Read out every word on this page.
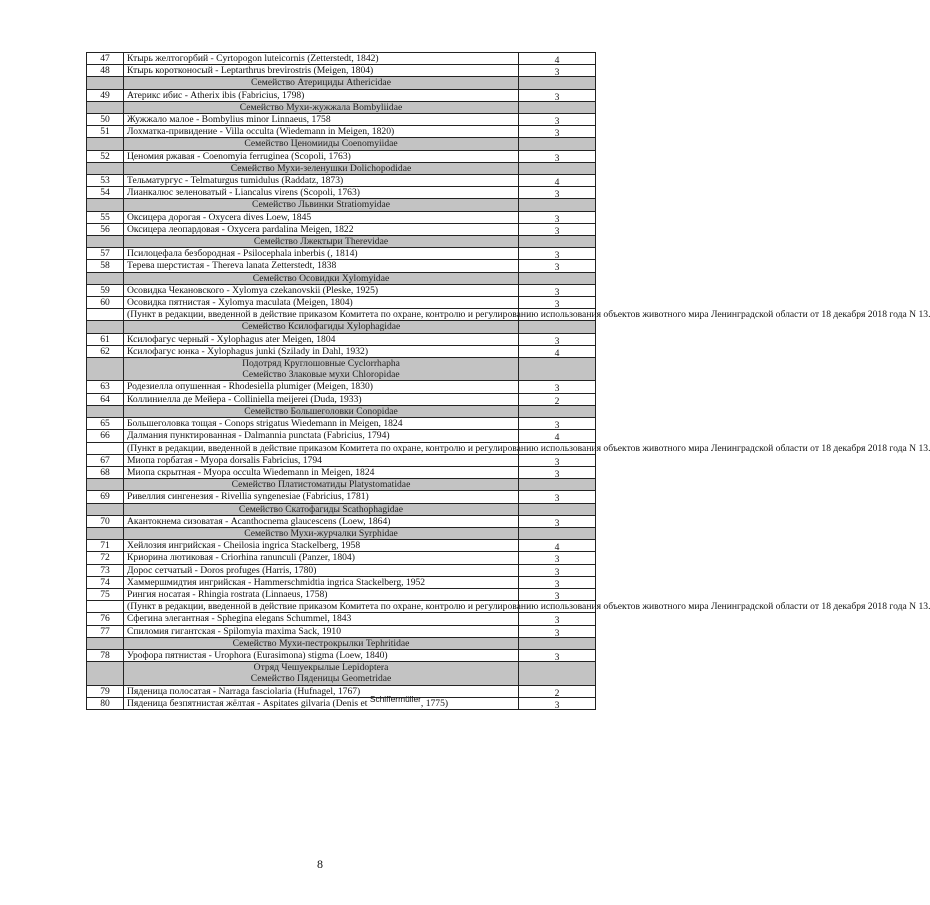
47	Ктырь желтогорбий - Cyrtopogon luteicornis (Zetterstedt, 1842)	4
48	Ктырь коротконосый - Leptarthrus brevirostris (Meigen, 1804)	3
	Семейство Атерициды Athericidae	
49	Атерикс ибис - Atherix ibis (Fabricius, 1798)	3
	Семейство Мухи-жужжала Bombyliidae	
50	Жужжало малое - Bombylius minor Linnaeus, 1758	3
51	Лохматка-привидение - Villa occulta (Wiedemann in Meigen, 1820)	3
	Семейство Ценомииды Coenomyiidae	
52	Ценомия ржавая - Coenomyia ferruginea (Scopoli, 1763)	3
	Семейство Мухи-зеленушки Dolichopodidae	
53	Тельматургус - Telmaturgus tumidulus (Raddatz, 1873)	4
54	Лианкалюс зеленоватый - Liancalus virens (Scopoli, 1763)	3
	Семейство Львинки Stratiomyidae	
55	Оксицера дорогая - Oxycera dives Loew, 1845	3
56	Оксицера леопардовая - Oxycera pardalina Meigen, 1822	3
	Семейство Лжектыри Therevidae	
57	Псилоцефала безбородная - Psilocephala inberbis (, 1814)	3
58	Терева шерстистая - Thereva lanata Zetterstedt, 1838	3
	Семейство Осовидки Xylomyidae	
59	Осовидка Чекановского - Xylomya czekanovskii (Pleske, 1925)	3
60	Осовидка пятнистая - Xylomya maculata (Meigen, 1804)	3
	(Пункт в редакции, введенной в действие приказом Комитета по охране, контролю и регулированию использования объектов животного мира Ленинградской области от 18 декабря 2018 года N 13.	
	Семейство Ксилофагиды Xylophagidae	
61	Ксилофагус черный - Xylophagus ater Meigen, 1804	3
62	Ксилофагус юнка - Xylophagus junki (Szilady in Dahl, 1932)	4

	Подотряд Круглошовные Cyclorrhapha
Семейство Злаковые мухи Chloropidae	

63	Родезиелла опушенная - Rhodesiella plumiger (Meigen, 1830)	3
64	Коллиниелла де Мейера - Colliniella meijerei (Duda, 1933)	2
	Семейство Большеголовки Conopidae	
65	Большеголовка тощая - Conops strigatus Wiedemann in Meigen, 1824	3
66	Далмания пунктированная - Dalmannia punctata (Fabricius, 1794)	4
	(Пункт в редакции, введенной в действие приказом Комитета по охране, контролю и регулированию использования объектов животного мира Ленинградской области от 18 декабря 2018 года N 13.	
67	Миопа горбатая - Myopa dorsalis Fabricius, 1794	3
68	Миопа скрытная - Myopa occulta Wiedemann in Meigen, 1824	3
	Семейство Платистоматиды Platystomatidae	
69	Ривеллия сингенезия - Rivellia syngenesiae (Fabricius, 1781)	3
	Семейство Скатофагиды Scathophagidae	
70	Акантокнема сизоватая - Acanthocnema glaucescens (Loew, 1864)	3
	Семейство Мухи-журчалки Syrphidae	
71	Хейлозия ингрийская - Cheilosia ingrica Stackelberg, 1958	4
72	Криорина лютиковая - Criorhina ranunculi (Panzer, 1804)	3
73	Дорос сетчатый - Doros profuges (Harris, 1780)	3
74	Хаммершмидтия ингрийская - Hammerschmidtia ingrica Stackelberg, 1952	3
75	Рингия носатая - Rhingia rostrata (Linnaeus, 1758)	3
	(Пункт в редакции, введенной в действие приказом Комитета по охране, контролю и регулированию использования объектов животного мира Ленинградской области от 18 декабря 2018 года N 13.	
76	Сфегина элегантная - Sphegina elegans Schummel, 1843	3
77	Спиломия гигантская - Spilomyia maxima Sack, 1910	3
	Семейство Мухи-пестрокрылки Tephritidae	
78	Урофора пятнистая - Urophora (Eurasimona) stigma (Loew, 1840)	3

	Отряд Чешуекрылые Lepidoptera
Семейство Пяденицы Geometridae	

79	Пяденица полосатая - Narraga fasciolaria (Hufnagel, 1767)	2
80	Пяденица безпятнистая жёлтая - Aspitates gilvaria (Denis et Schiffermüller, 1775)	3
8
